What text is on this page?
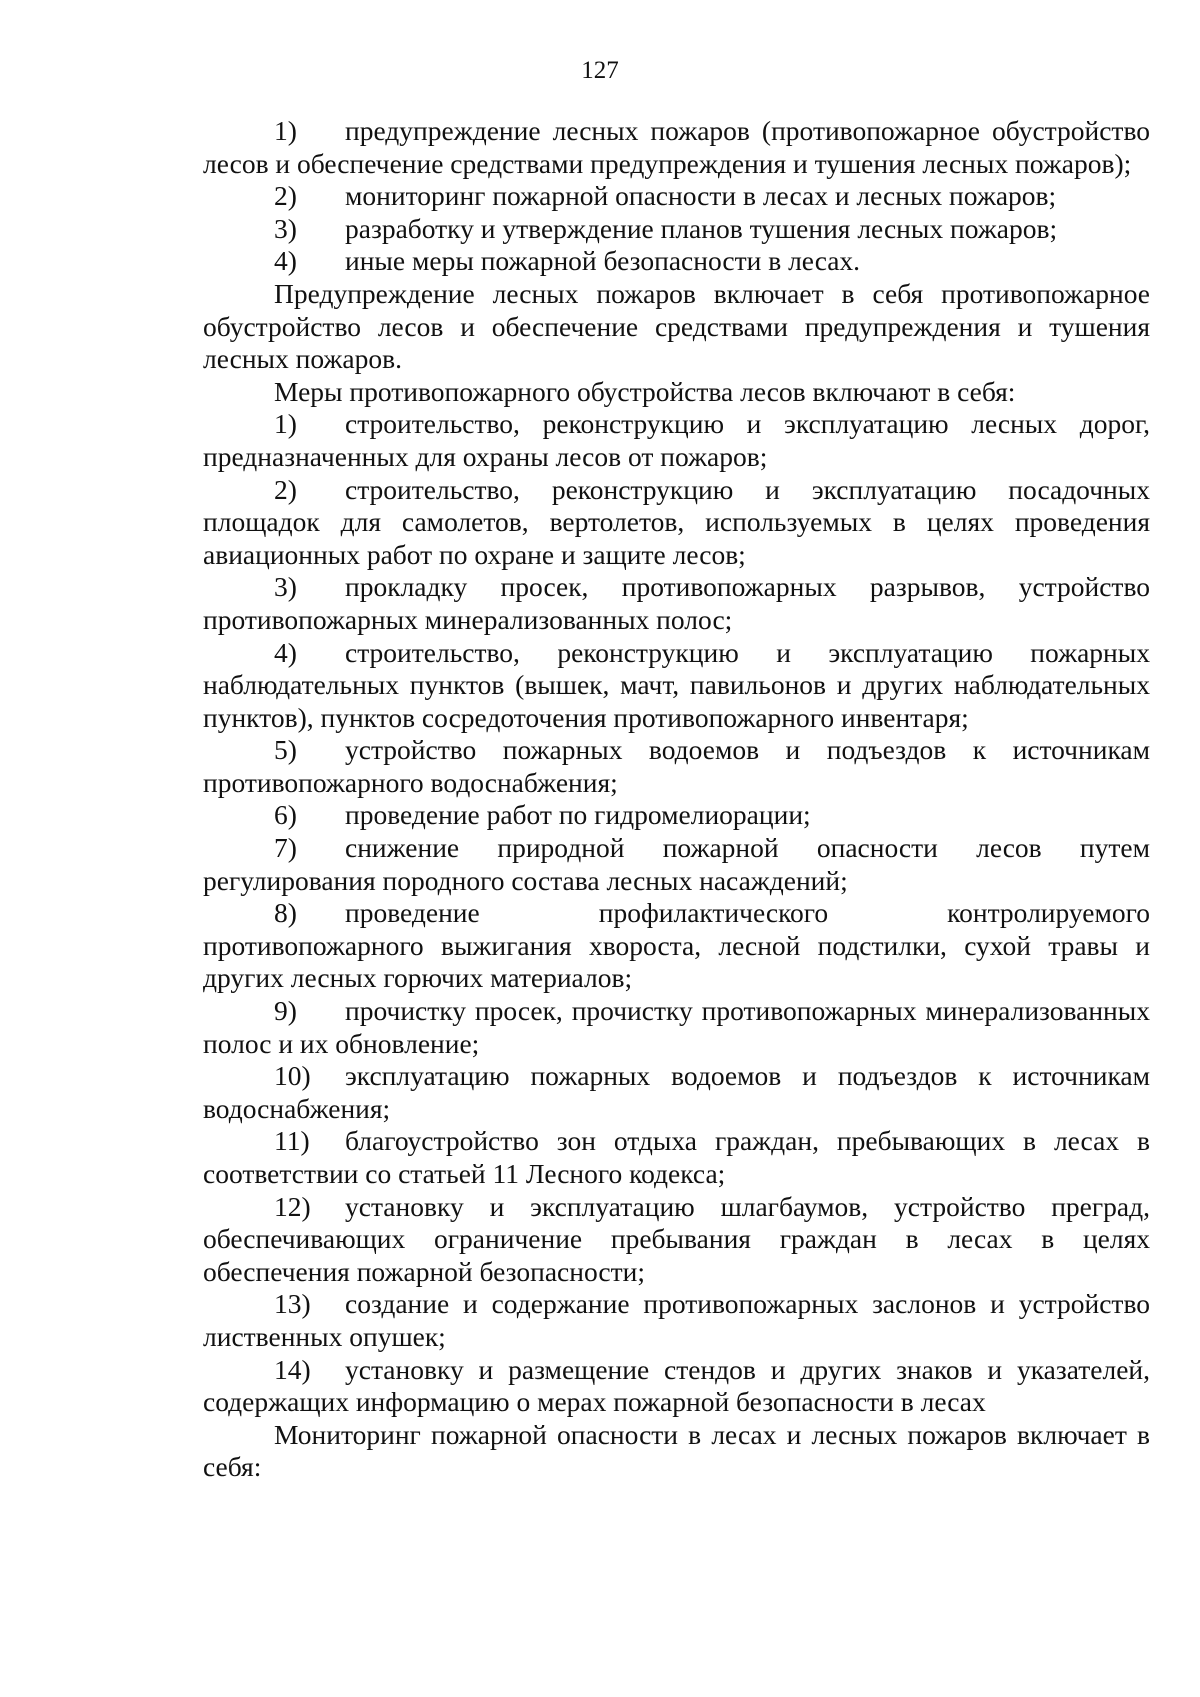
127

1) предупреждение лесных пожаров (противопожарное обустройство лесов и обеспечение средствами предупреждения и тушения лесных пожаров);

2) мониторинг пожарной опасности в лесах и лесных пожаров;

3) разработку и утверждение планов тушения лесных пожаров;

4) иные меры пожарной безопасности в лесах.

Предупреждение лесных пожаров включает в себя противопожарное обустройство лесов и обеспечение средствами предупреждения и тушения лесных пожаров.

Меры противопожарного обустройства лесов включают в себя:

1) строительство, реконструкцию и эксплуатацию лесных дорог, предназначенных для охраны лесов от пожаров;

2) строительство, реконструкцию и эксплуатацию посадочных площадок для самолетов, вертолетов, используемых в целях проведения авиационных работ по охране и защите лесов;

3) прокладку просек, противопожарных разрывов, устройство противопожарных минерализованных полос;

4) строительство, реконструкцию и эксплуатацию пожарных наблюдательных пунктов (вышек, мачт, павильонов и других наблюдательных пунктов), пунктов сосредоточения противопожарного инвентаря;

5) устройство пожарных водоемов и подъездов к источникам противопожарного водоснабжения;

6) проведение работ по гидромелиорации;

7) снижение природной пожарной опасности лесов путем регулирования породного состава лесных насаждений;

8) проведение профилактического контролируемого противопожарного выжигания хвороста, лесной подстилки, сухой травы и других лесных горючих материалов;

9) прочистку просек, прочистку противопожарных минерализованных полос и их обновление;

10) эксплуатацию пожарных водоемов и подъездов к источникам водоснабжения;

11) благоустройство зон отдыха граждан, пребывающих в лесах в соответствии со статьей 11 Лесного кодекса;

12) установку и эксплуатацию шлагбаумов, устройство преград, обеспечивающих ограничение пребывания граждан в лесах в целях обеспечения пожарной безопасности;

13) создание и содержание противопожарных заслонов и устройство лиственных опушек;

14) установку и размещение стендов и других знаков и указателей, содержащих информацию о мерах пожарной безопасности в лесах

Мониторинг пожарной опасности в лесах и лесных пожаров включает в себя:
